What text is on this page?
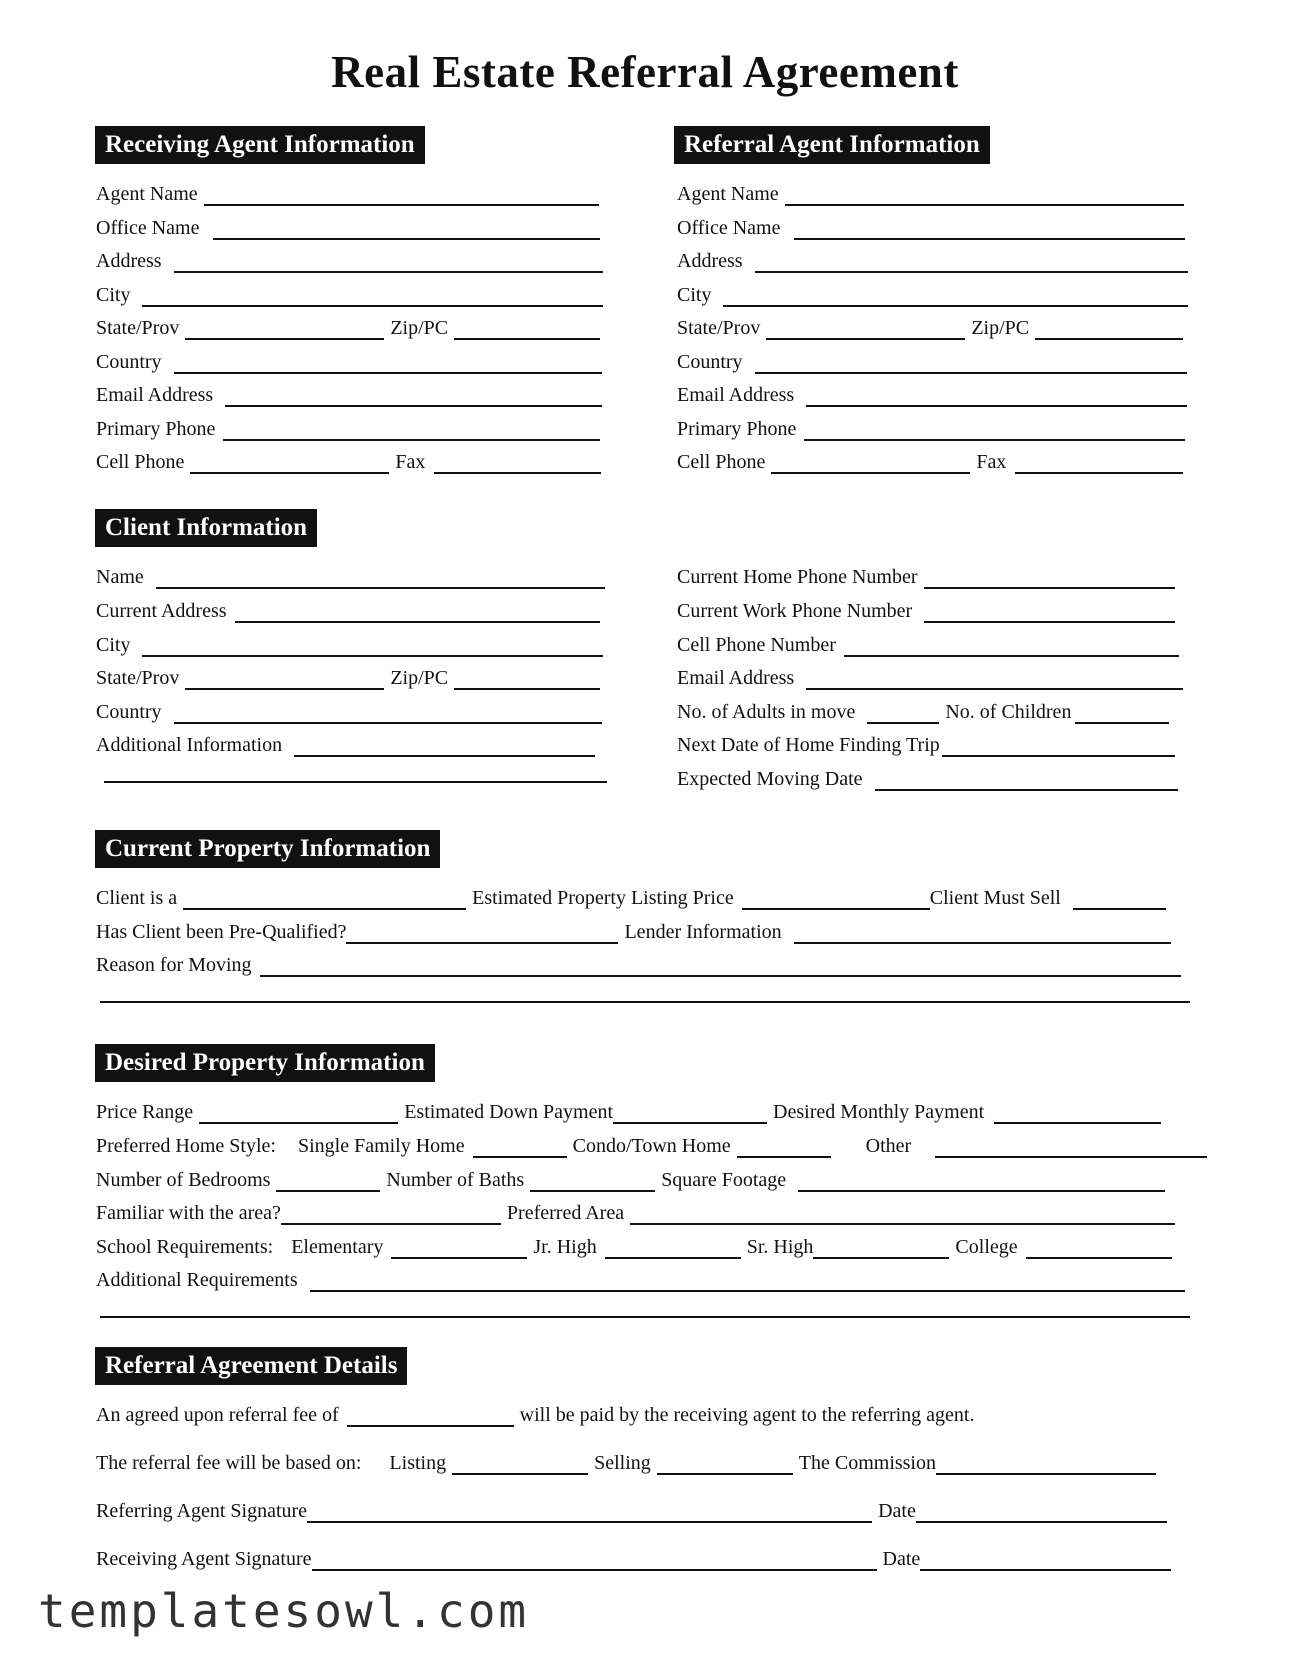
Real Estate Referral Agreement
Receiving Agent Information	Referral Agent Information
Client Information
Current Property Information
Desired Property Information
Referral Agreement Details
Agent Name
Office Name
Address
City
State/Prov	Zip/PC
Country
Email Address
Primary Phone
Cell Phone	Fax
Agent Name
Office Name
Address
City
State/Prov	Zip/PC
Country
Email Address
Primary Phone
Cell Phone	Fax
Name
Current Address
City
State/Prov	Zip/PC
Country
Additional Information
Current Home Phone Number
Current Work Phone Number
Cell Phone Number
Email Address
No. of Adults in move	No. of Children
Next Date of Home Finding Trip
Expected Moving Date
Client is a	Estimated Property Listing Price	Client Must Sell
Has Client been Pre-Qualified?	Lender Information
Reason for Moving
Price Range	Estimated Down Payment	Desired Monthly Payment
Preferred Home Style: Single Family Home	Condo/Town Home	Other
Number of Bedrooms	Number of Baths	Square Footage
Familiar with the area?	Preferred Area
School Requirements: Elementary	Jr. High	Sr. High	College
Additional Requirements
An agreed upon referral fee of	will be paid by the receiving agent to the referring agent.
The referral fee will be based on: Listing	Selling	The Commission
Referring Agent Signature	Date
Receiving Agent Signature	Date
templatesowl.com
